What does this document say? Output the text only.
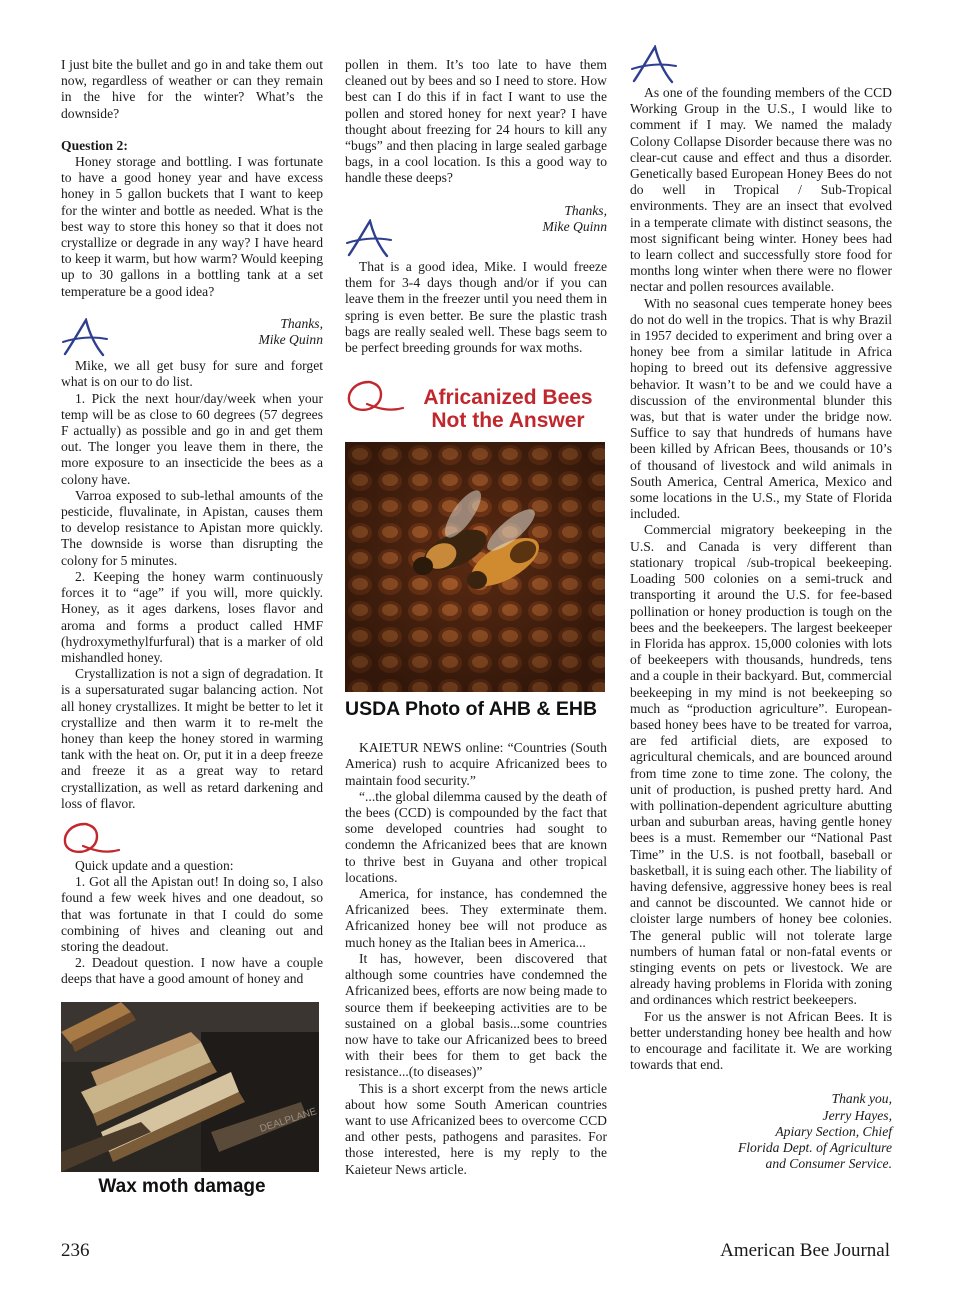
I just bite the bullet and go in and take them out now, regardless of weather or can they remain in the hive for the winter? What’s the downside?

Question 2:

Honey storage and bottling. I was fortunate to have a good honey year and have excess honey in 5 gallon buckets that I want to keep for the winter and bottle as needed. What is the best way to store this honey so that it does not crystallize or degrade in any way? I have heard to keep it warm, but how warm? Would keeping up to 30 gallons in a bottling tank at a set temperature be a good idea?

Thanks,
Mike Quinn

Mike, we all get busy for sure and forget what is on our to do list.

1. Pick the next hour/day/week when your temp will be as close to 60 degrees (57 degrees F actually) as possible and go in and get them out. The longer you leave them in there, the more exposure to an insecticide the bees as a colony have.

Varroa exposed to sub-lethal amounts of the pesticide, fluvalinate, in Apistan, causes them to develop resistance to Apistan more quickly. The downside is worse than disrupting the colony for 5 minutes.

2. Keeping the honey warm continuously forces it to “age” if you will, more quickly. Honey, as it ages darkens, loses flavor and aroma and forms a product called HMF (hydroxymethylfurfural) that is a marker of old mishandled honey.

Crystallization is not a sign of degradation. It is a supersaturated sugar balancing action. Not all honey crystallizes. It might be better to let it crystallize and then warm it to re-melt the honey than keep the honey stored in warming tank with the heat on. Or, put it in a deep freeze and freeze it as a great way to retard crystallization, as well as retard darkening and loss of flavor.

Quick update and a question:

1. Got all the Apistan out! In doing so, I also found a few week hives and one deadout, so that was fortunate in that I could do some combining of hives and cleaning out and storing the deadout.

2. Deadout question. I now have a couple deeps that have a good amount of honey and

DEALPLANE
Wax moth damage

pollen in them. It’s too late to have them cleaned out by bees and so I need to store. How best can I do this if in fact I want to use the pollen and stored honey for next year? I have thought about freezing for 24 hours to kill any “bugs” and then placing in large sealed garbage bags, in a cool location. Is this a good way to handle these deeps?

Thanks,
Mike Quinn

That is a good idea, Mike. I would freeze them for 3-4 days though and/or if you can leave them in the freezer until you need them in spring is even better. Be sure the plastic trash bags are really sealed well. These bags seem to be perfect breeding grounds for wax moths.

Africanized Bees
Not the Answer
USDA Photo of AHB & EHB

KAIETUR NEWS online: “Countries (South America) rush to acquire Africanized bees to maintain food security.”

“...the global dilemma caused by the death of the bees (CCD) is compounded by the fact that some developed countries had sought to condemn the Africanized bees that are known to thrive best in Guyana and other tropical locations.

America, for instance, has condemned the Africanized bees. They exterminate them. Africanized honey bee will not produce as much honey as the Italian bees in America...

It has, however, been discovered that although some countries have condemned the Africanized bees, efforts are now being made to source them if beekeeping activities are to be sustained on a global basis...some countries now have to take our Africanized bees to breed with their bees for them to get back the resistance...(to diseases)”

This is a short excerpt from the news article about how some South American countries want to use Africanized bees to overcome CCD and other pests, pathogens and parasites. For those interested, here is my reply to the Kaieteur News article.

As one of the founding members of the CCD Working Group in the U.S., I would like to comment if I may. We named the malady Colony Collapse Disorder because there was no clear-cut cause and effect and thus a disorder. Genetically based European Honey Bees do not do well in Tropical / Sub-Tropical environments. They are an insect that evolved in a temperate climate with distinct seasons, the most significant being winter. Honey bees had to learn collect and successfully store food for months long winter when there were no flower nectar and pollen resources available.

With no seasonal cues temperate honey bees do not do well in the tropics. That is why Brazil in 1957 decided to experiment and bring over a honey bee from a similar latitude in Africa hoping to breed out its defensive aggressive behavior. It wasn’t to be and we could have a discussion of the environmental blunder this was, but that is water under the bridge now. Suffice to say that hundreds of humans have been killed by African Bees, thousands or 10’s of thousand of livestock and wild animals in South America, Central America, Mexico and some locations in the U.S., my State of Florida included.

Commercial migratory beekeeping in the U.S. and Canada is very different than stationary tropical /sub-tropical beekeeping. Loading 500 colonies on a semi-truck and transporting it around the U.S. for fee-based pollination or honey production is tough on the bees and the beekeepers. The largest beekeeper in Florida has approx. 15,000 colonies with lots of beekeepers with thousands, hundreds, tens and a couple in their backyard. But, commercial beekeeping in my mind is not beekeeping so much as “production agriculture”. European-based honey bees have to be treated for varroa, are fed artificial diets, are exposed to agricultural chemicals, and are bounced around from time zone to time zone. The colony, the unit of production, is pushed pretty hard. And with pollination-dependent agriculture abutting urban and suburban areas, having gentle honey bees is a must. Remember our “National Past Time” in the U.S. is not football, baseball or basketball, it is suing each other. The liability of having defensive, aggressive honey bees is real and cannot be discounted. We cannot hide or cloister large numbers of honey bee colonies. The general public will not tolerate large numbers of human fatal or non-fatal events or stinging events on pets or livestock. We are already having problems in Florida with zoning and ordinances which restrict beekeepers.

For us the answer is not African Bees. It is better understanding honey bee health and how to encourage and facilitate it. We are working towards that end.

Thank you,
Jerry Hayes,
Apiary Section, Chief
Florida Dept. of Agriculture
and Consumer Service.
236	American Bee Journal
